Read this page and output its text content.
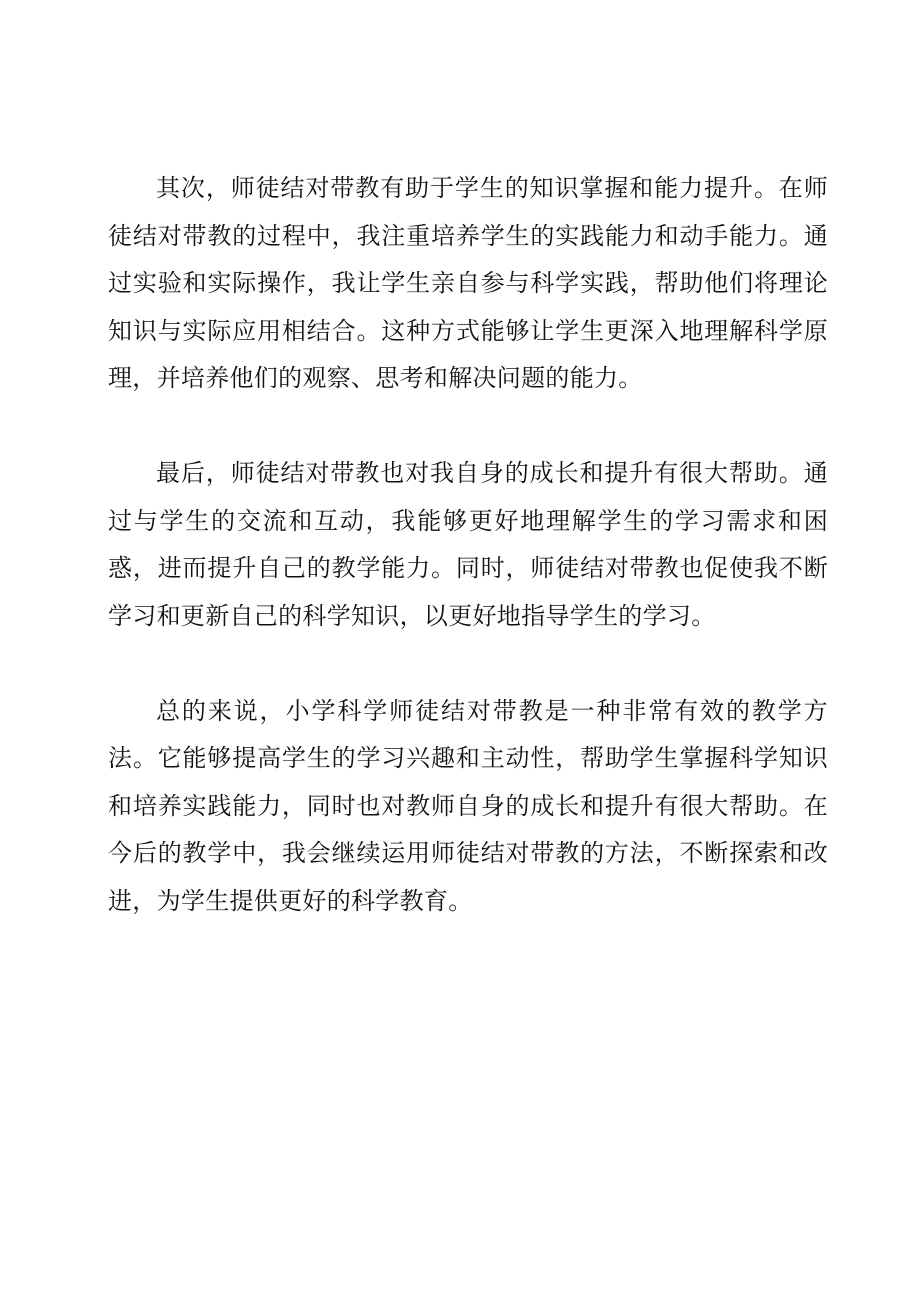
其次，师徒结对带教有助于学生的知识掌握和能力提升。在师徒结对带教的过程中，我注重培养学生的实践能力和动手能力。通过实验和实际操作，我让学生亲自参与科学实践，帮助他们将理论知识与实际应用相结合。这种方式能够让学生更深入地理解科学原理，并培养他们的观察、思考和解决问题的能力。

最后，师徒结对带教也对我自身的成长和提升有很大帮助。通过与学生的交流和互动，我能够更好地理解学生的学习需求和困惑，进而提升自己的教学能力。同时，师徒结对带教也促使我不断学习和更新自己的科学知识，以更好地指导学生的学习。

总的来说，小学科学师徒结对带教是一种非常有效的教学方法。它能够提高学生的学习兴趣和主动性，帮助学生掌握科学知识和培养实践能力，同时也对教师自身的成长和提升有很大帮助。在今后的教学中，我会继续运用师徒结对带教的方法，不断探索和改进，为学生提供更好的科学教育。
